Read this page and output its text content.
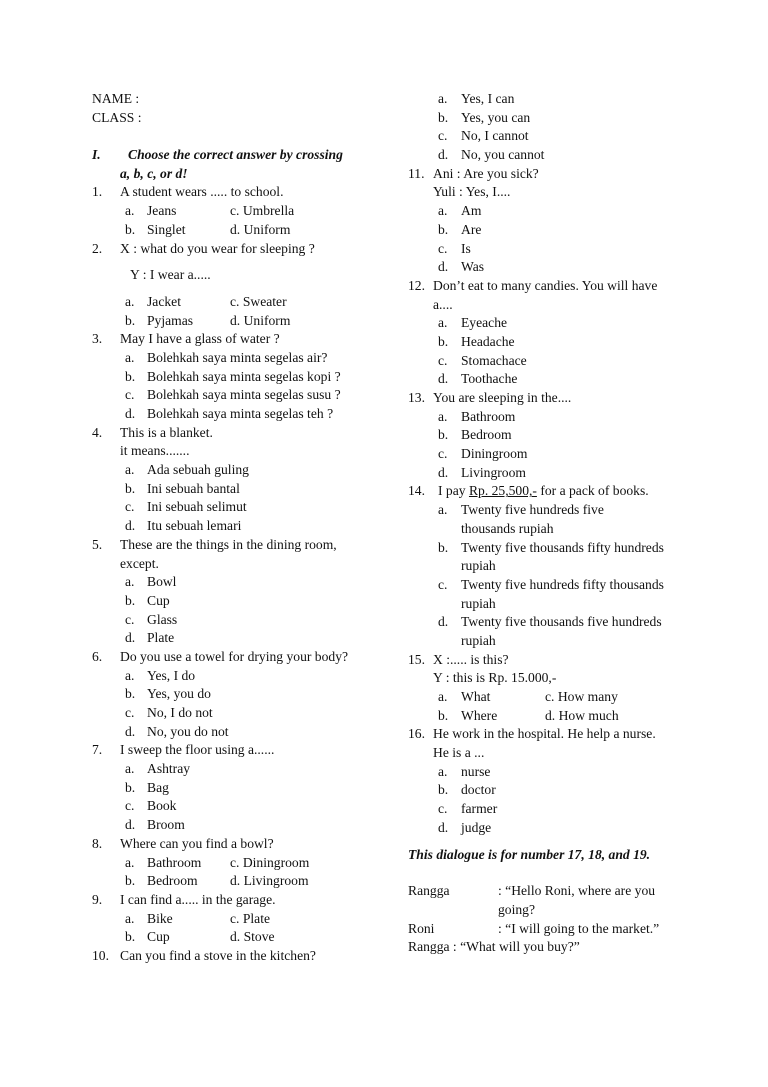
NAME :
CLASS :
I. Choose the correct answer by crossing
a, b, c, or d!
1. A student wears ..... to school.
a. Jeans	c. Umbrella
b. Singlet	d. Uniform
2. X : what do you wear for sleeping ?
Y : I wear a.....
a. Jacket	c. Sweater
b. Pyjamas	d. Uniform
3. May I have a glass of water ?
a. Bolehkah saya minta segelas air?
b. Bolehkah saya minta segelas kopi ?
c. Bolehkah saya minta segelas susu ?
d. Bolehkah saya minta segelas teh ?
4. This is a blanket.
it means.......
a. Ada sebuah guling
b. Ini sebuah bantal
c. Ini sebuah selimut
d. Itu sebuah lemari
5. These are the things in the dining room,
except.
a. Bowl
b. Cup
c. Glass
d. Plate
6. Do you use a towel for drying your body?
a. Yes, I do
b. Yes, you do
c. No, I do not
d. No, you do not
7. I sweep the floor using a......
a. Ashtray
b. Bag
c. Book
d. Broom
8. Where can you find a bowl?
a. Bathroom c. Diningroom
b. Bedroom d. Livingroom
9. I can find a..... in the garage.
a. Bike	c. Plate
b. Cup	d. Stove
10. Can you find a stove in the kitchen?
a. Yes, I can
b. Yes, you can
c. No, I cannot
d. No, you cannot
11. Ani : Are you sick?
Yuli : Yes, I....
a. Am
b. Are
c. Is
d. Was
12. Don’t eat to many candies. You will have
a....
a. Eyeache
b. Headache
c. Stomachace
d. Toothache
13. You are sleeping in the....
a. Bathroom
b. Bedroom
c. Diningroom
d. Livingroom
14. I pay Rp. 25,500,- for a pack of books.
a. Twenty five hundreds five
thousands rupiah
b. Twenty five thousands fifty hundreds
rupiah
c. Twenty five hundreds fifty thousands
rupiah
d. Twenty five thousands five hundreds
rupiah
15. X :..... is this?
Y : this is Rp. 15.000,-
a. What	c. How many
b. Where	d. How much
16. He work in the hospital. He help a nurse.
He is a ...
a. nurse
b. doctor
c. farmer
d. judge
This dialogue is for number 17, 18, and 19.
Rangga	: “Hello Roni, where are you
going?
Roni	: “I will going to the market.”
Rangga : “What will you buy?”
